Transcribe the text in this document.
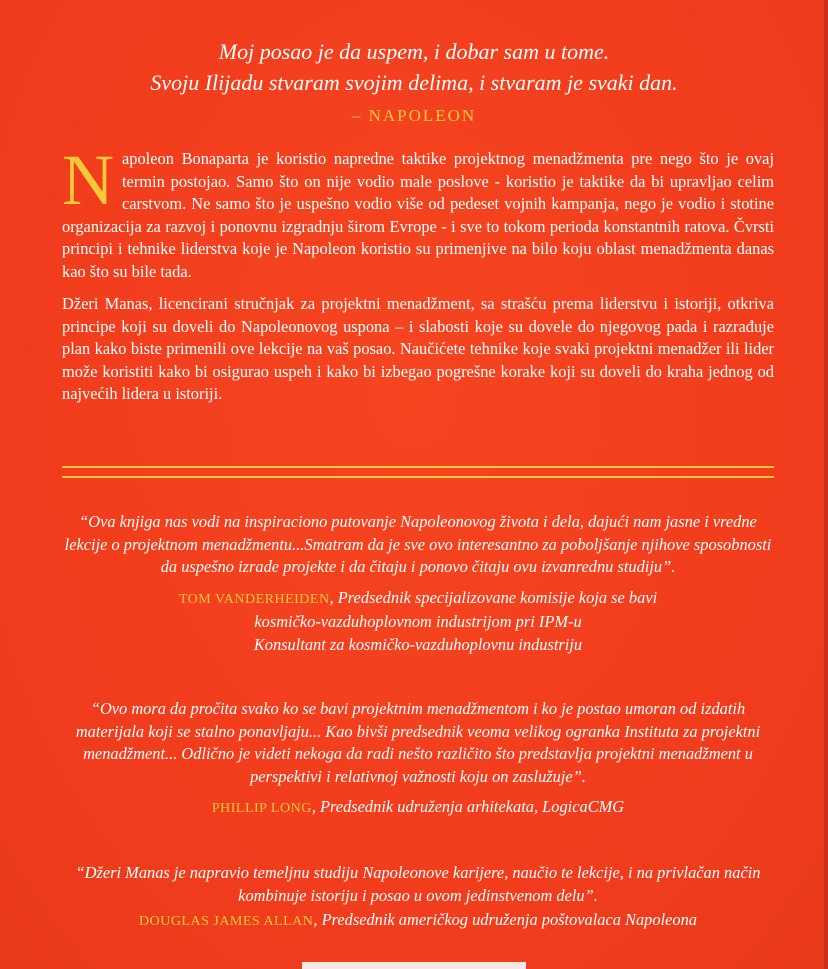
Moj posao je da uspem, i dobar sam u tome.
Svoju Ilijadu stvaram svojim delima, i stvaram je svaki dan.
– NAPOLEON

Napoleon Bonaparta je koristio napredne taktike projektnog menadžmenta pre nego što je ovaj termin postojao. Samo što on nije vodio male poslove - koristio je taktike da bi upravljao celim carstvom. Ne samo što je uspešno vodio više od pedeset vojnih kampanja, nego je vodio i stotine organizacija za razvoj i ponovnu izgradnju širom Evrope - i sve to tokom perioda konstantnih ratova. Čvrsti principi i tehnike liderstva koje je Napoleon koristio su primenjive na bilo koju oblast menadžmenta danas kao što su bile tada.

Džeri Manas, licencirani stručnjak za projektni menadžment, sa strašću prema liderstvu i istoriji, otkriva principe koji su doveli do Napoleonovog uspona – i slabosti koje su dovele do njegovog pada i razrađuje plan kako biste primenili ove lekcije na vaš posao. Naučićete tehnike koje svaki projektni menadžer ili lider može koristiti kako bi osigurao uspeh i kako bi izbegao pogrešne korake koji su doveli do kraha jednog od najvećih lidera u istoriji.

“Ova knjiga nas vodi na inspiraciono putovanje Napoleonovog života i dela, dajući nam jasne i vredne lekcije o projektnom menadžmentu...Smatram da je sve ovo interesantno za poboljšanje njihove sposobnosti da uspešno izrade projekte i da čitaju i ponovo čitaju ovu izvanrednu studiju”.
TOM VANDERHEIDEN, Predsednik specijalizovane komisije koja se bavi
kosmičko-vazduhoplovnom industrijom pri IPM-u
Konsultant za kosmičko-vazduhoplovnu industriju
“Ovo mora da pročita svako ko se bavi projektnim menadžmentom i ko je postao umoran od izdatih materijala koji se stalno ponavljaju... Kao bivši predsednik veoma velikog ogranka Instituta za projektni menadžment... Odlično je videti nekoga da radi nešto različito što predstavlja projektni menadžment u perspektivi i relativnoj važnosti koju on zaslužuje”.
PHILLIP LONG, Predsednik udruženja arhitekata, LogicaCMG
“Džeri Manas je napravio temeljnu studiju Napoleonove karijere, naučio te lekcije, i na privlačan način kombinuje istoriju i posao u ovom jedinstvenom delu”.
DOUGLAS JAMES ALLAN, Predsednik američkog udruženja poštovalaca Napoleona
